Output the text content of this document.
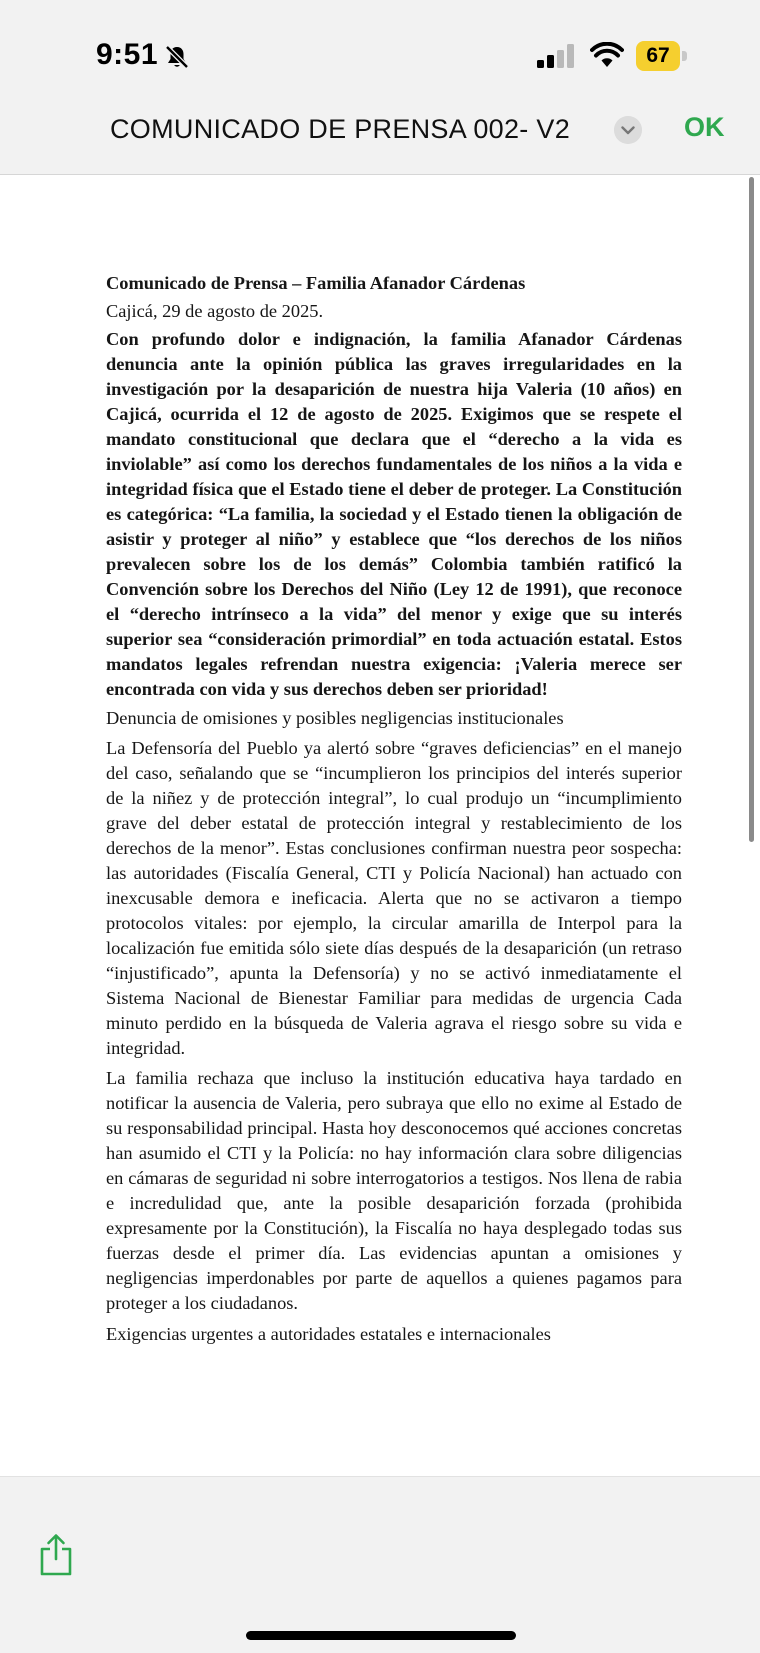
9:51	67
COMUNICADO DE PRENSA 002- V2	OK

Comunicado de Prensa – Familia Afanador Cárdenas

Cajicá, 29 de agosto de 2025.

Con profundo dolor e indignación, la familia Afanador Cárdenas denuncia ante la opinión pública las graves irregularidades en la investigación por la desaparición de nuestra hija Valeria (10 años) en Cajicá, ocurrida el 12 de agosto de 2025. Exigimos que se respete el mandato constitucional que declara que el “derecho a la vida es inviolable” así como los derechos fundamentales de los niños a la vida e integridad física que el Estado tiene el deber de proteger. La Constitución es categórica: “La familia, la sociedad y el Estado tienen la obligación de asistir y proteger al niño” y establece que “los derechos de los niños prevalecen sobre los de los demás” Colombia también ratificó la Convención sobre los Derechos del Niño (Ley 12 de 1991), que reconoce el “derecho intrínseco a la vida” del menor y exige que su interés superior sea “consideración primordial” en toda actuación estatal. Estos mandatos legales refrendan nuestra exigencia: ¡Valeria merece ser encontrada con vida y sus derechos deben ser prioridad!

Denuncia de omisiones y posibles negligencias institucionales

La Defensoría del Pueblo ya alertó sobre “graves deficiencias” en el manejo del caso, señalando que se “incumplieron los principios del interés superior de la niñez y de protección integral”, lo cual produjo un “incumplimiento grave del deber estatal de protección integral y restablecimiento de los derechos de la menor”. Estas conclusiones confirman nuestra peor sospecha: las autoridades (Fiscalía General, CTI y Policía Nacional) han actuado con inexcusable demora e ineficacia. Alerta que no se activaron a tiempo protocolos vitales: por ejemplo, la circular amarilla de Interpol para la localización fue emitida sólo siete días después de la desaparición (un retraso “injustificado”, apunta la Defensoría) y no se activó inmediatamente el Sistema Nacional de Bienestar Familiar para medidas de urgencia Cada minuto perdido en la búsqueda de Valeria agrava el riesgo sobre su vida e integridad.

La familia rechaza que incluso la institución educativa haya tardado en notificar la ausencia de Valeria, pero subraya que ello no exime al Estado de su responsabilidad principal. Hasta hoy desconocemos qué acciones concretas han asumido el CTI y la Policía: no hay información clara sobre diligencias en cámaras de seguridad ni sobre interrogatorios a testigos. Nos llena de rabia e incredulidad que, ante la posible desaparición forzada (prohibida expresamente por la Constitución), la Fiscalía no haya desplegado todas sus fuerzas desde el primer día. Las evidencias apuntan a omisiones y negligencias imperdonables por parte de aquellos a quienes pagamos para proteger a los ciudadanos.

Exigencias urgentes a autoridades estatales e internacionales
